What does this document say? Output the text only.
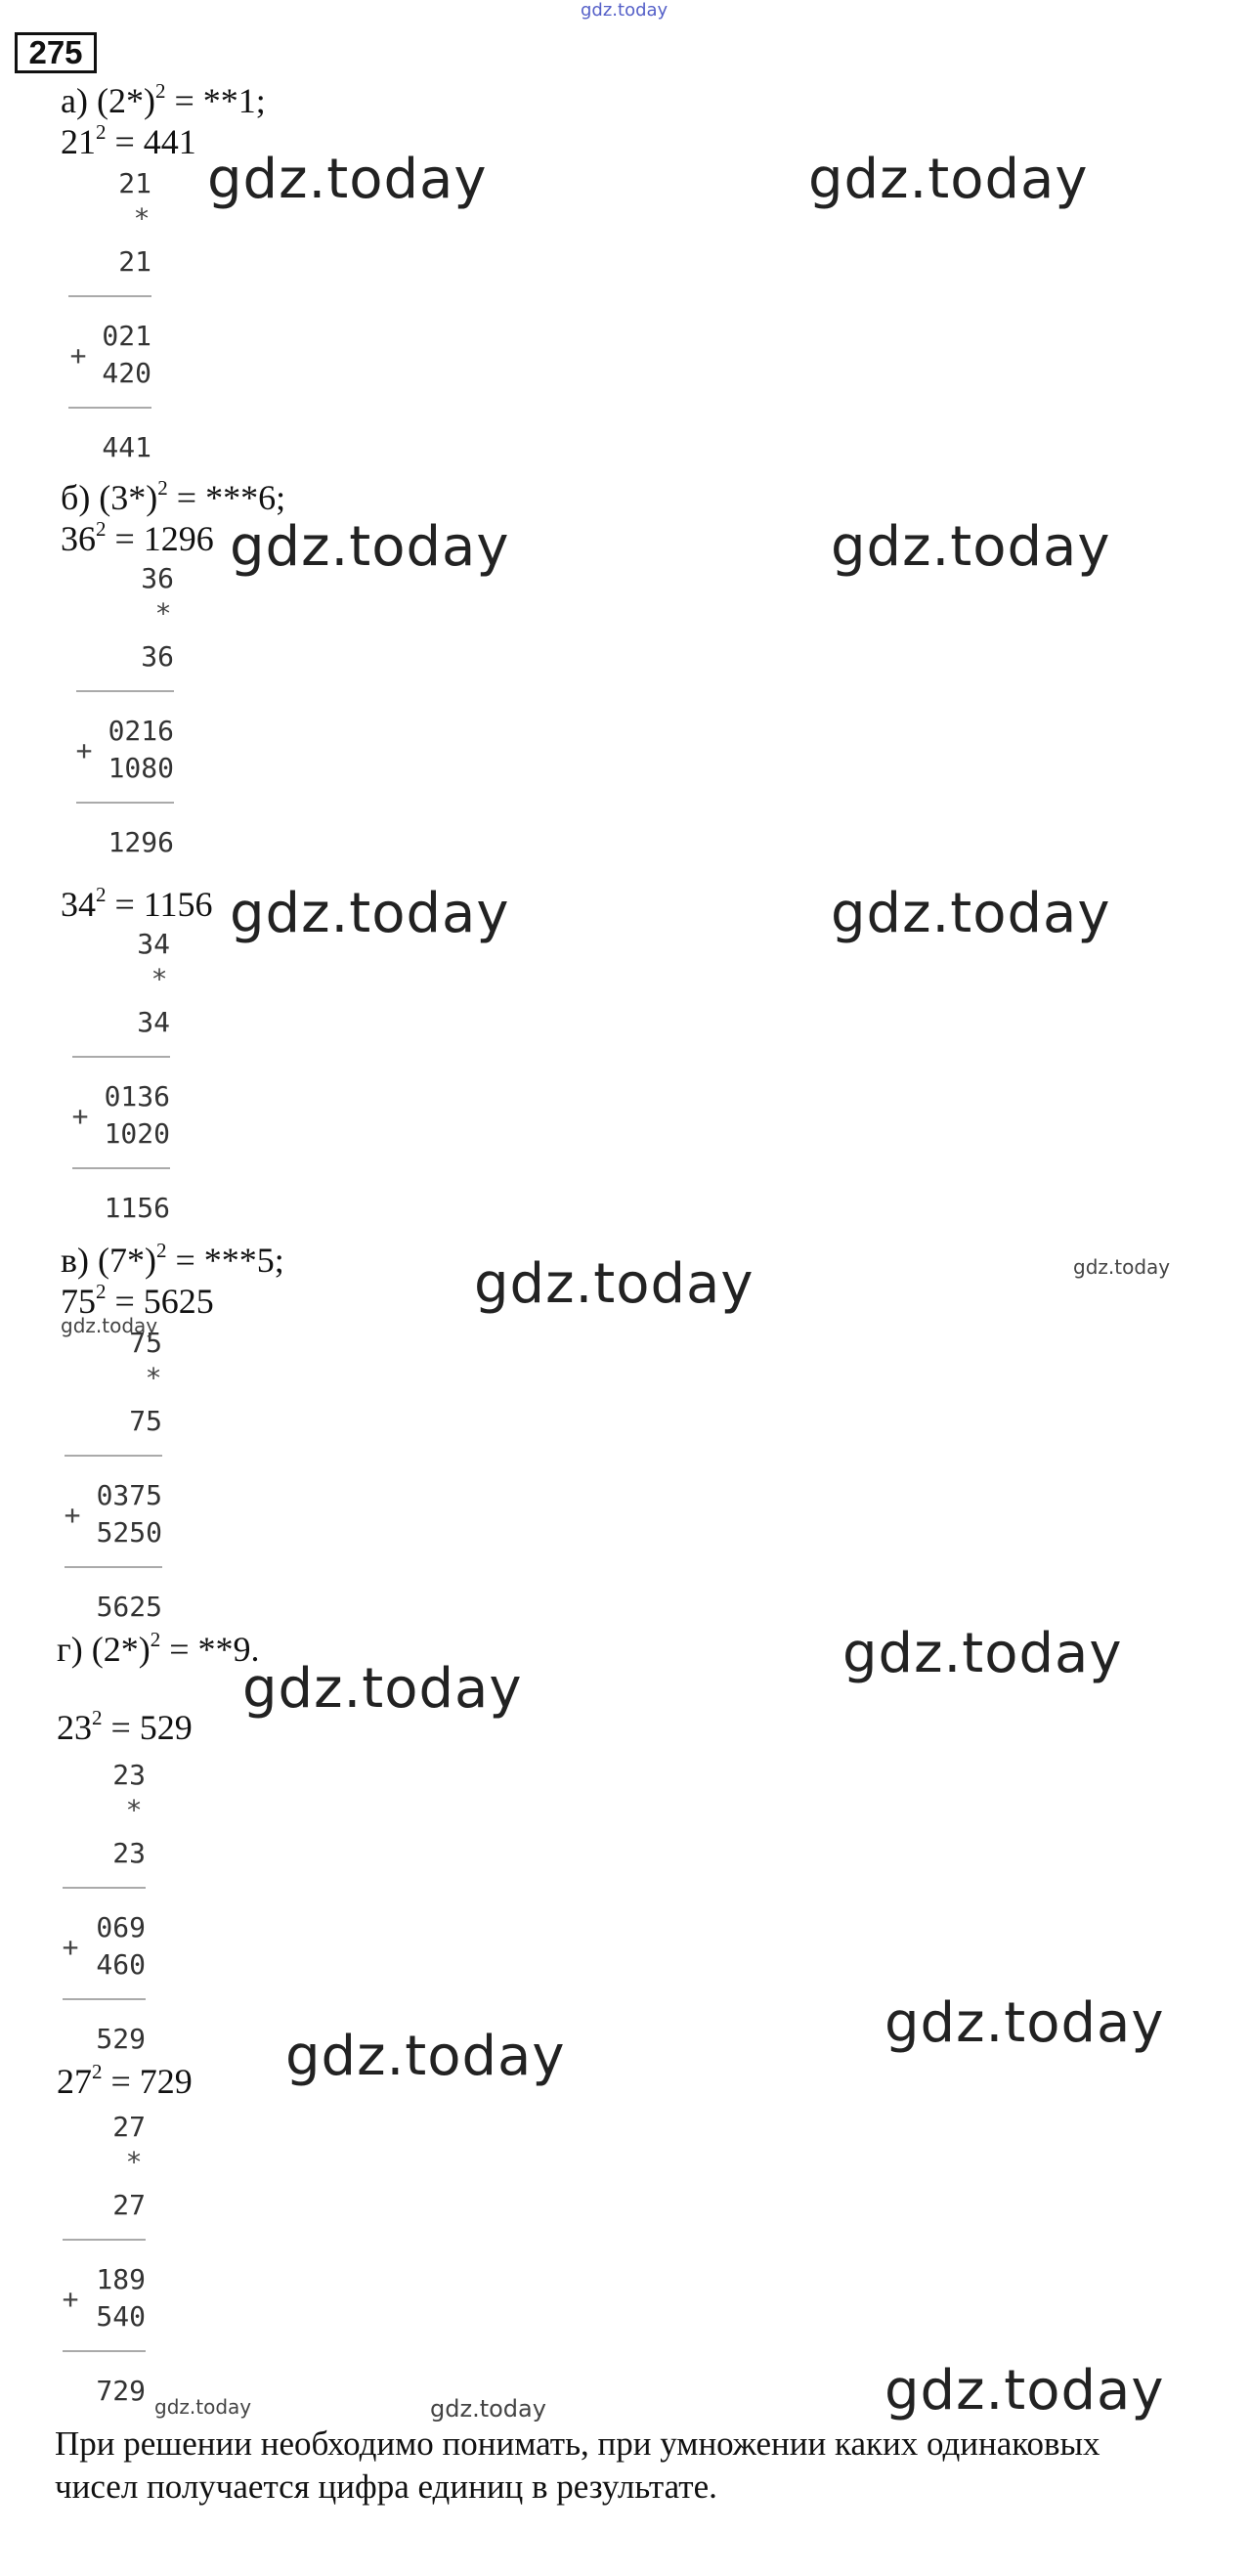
gdz.today
275
а) $(2*)^2 = **1$;
$21^2 = 441$
21
*
21
+
021
420
441
б) $(3*)^2 = ***6$;
$36^2 = 1296$
36
*
36
+
0216
1080
1296
$34^2 = 1156$
34
*
34
+
0136
1020
1156
в) $(7*)^2 = ***5$;
$75^2 = 5625$
75
*
75
+
0375
5250
5625
г) $(2*)^2 = **9$.
$23^2 = 529$
23
*
23
+
069
460
529
$27^2 = 729$
27
*
27
+
189
540
729
При решении необходимо понимать, при умножении каких одинаковых
чисел получается цифра единиц в результате.
gdz.today	gdz.today
gdz.today	gdz.today
gdz.today	gdz.today
gdz.today
gdz.today
gdz.today
gdz.today
gdz.today
gdz.today
gdz.today
gdz.today
gdz.today	gdz.today
